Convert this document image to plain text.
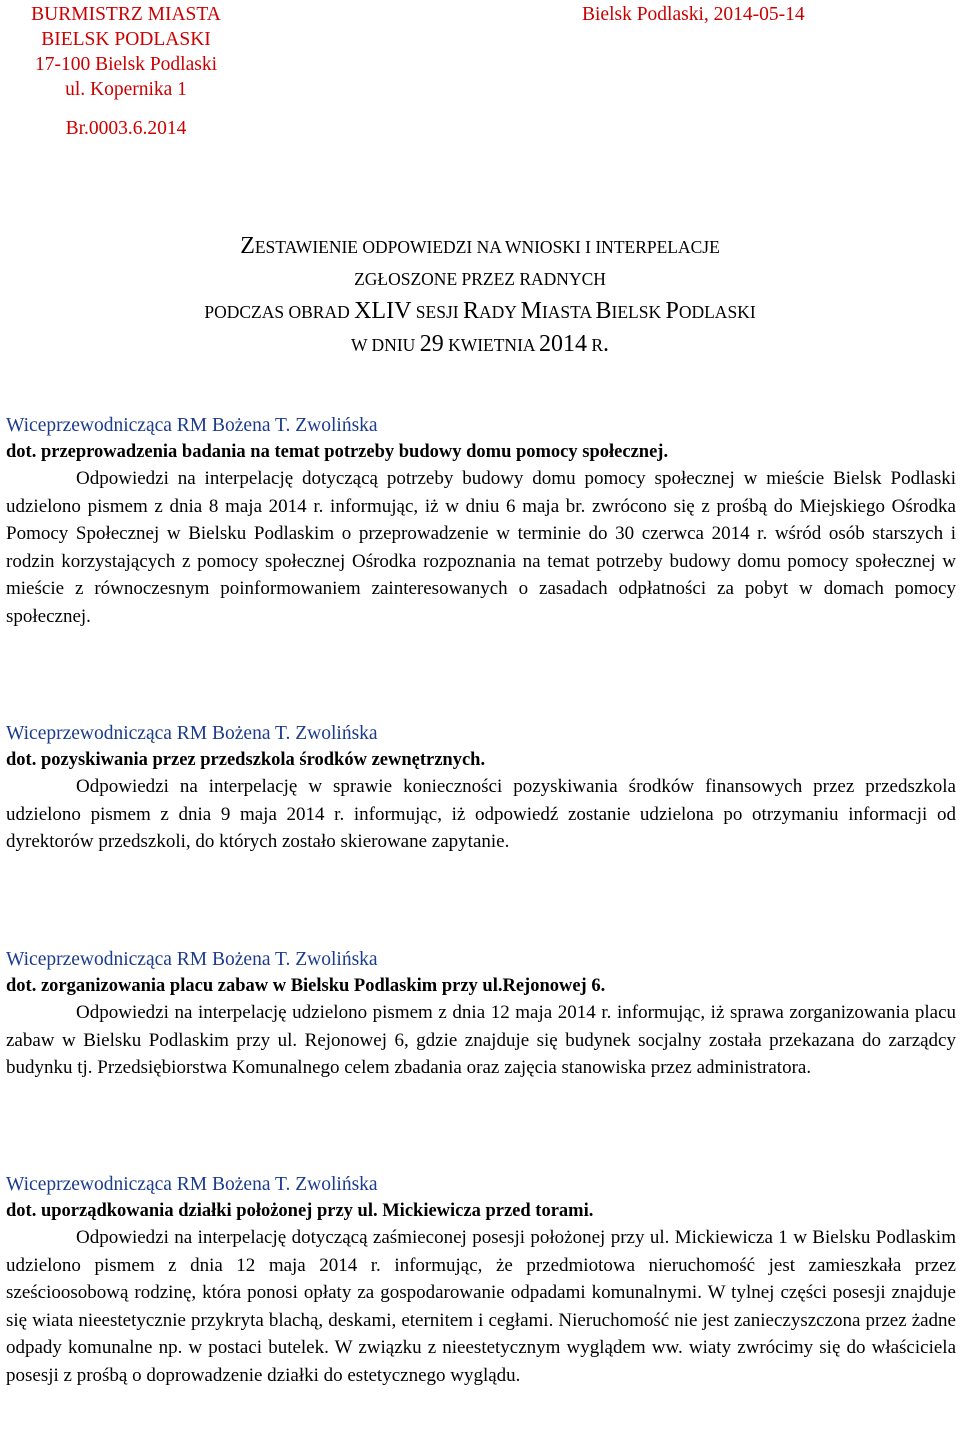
BURMISTRZ MIASTA
BIELSK PODLASKI
17-100 Bielsk Podlaski
ul. Kopernika 1
Br.0003.6.2014
Bielsk Podlaski, 2014-05-14
ZESTAWIENIE ODPOWIEDZI NA WNIOSKI I INTERPELACJE
ZGŁOSZONE PRZEZ RADNYCH
PODCZAS OBRAD XLIV SESJI RADY MIASTA BIELSK PODLASKI
W DNIU 29 KWIETNIA 2014 R.
Wiceprzewodnicząca RM Bożena T. Zwolińska
dot. przeprowadzenia badania na temat potrzeby budowy domu pomocy społecznej.

Odpowiedzi na interpelację dotyczącą potrzeby budowy domu pomocy społecznej w mieście Bielsk Podlaski udzielono pismem z dnia 8 maja 2014 r. informując, iż w dniu 6 maja br. zwrócono się z prośbą do Miejskiego Ośrodka Pomocy Społecznej w Bielsku Podlaskim o przeprowadzenie w terminie do 30 czerwca 2014 r. wśród osób starszych i rodzin korzystających z pomocy społecznej Ośrodka rozpoznania na temat potrzeby budowy domu pomocy społecznej w mieście z równoczesnym poinformowaniem zainteresowanych o zasadach odpłatności za pobyt w domach pomocy społecznej.

Wiceprzewodnicząca RM Bożena T. Zwolińska
dot. pozyskiwania przez przedszkola środków zewnętrznych.

Odpowiedzi na interpelację w sprawie konieczności pozyskiwania środków finansowych przez przedszkola udzielono pismem z dnia 9 maja 2014 r. informując, iż odpowiedź zostanie udzielona po otrzymaniu informacji od dyrektorów przedszkoli, do których zostało skierowane zapytanie.

Wiceprzewodnicząca RM Bożena T. Zwolińska
dot. zorganizowania placu zabaw w Bielsku Podlaskim przy ul.Rejonowej 6.

Odpowiedzi na interpelację udzielono pismem z dnia 12 maja 2014 r. informując, iż sprawa zorganizowania placu zabaw w Bielsku Podlaskim przy ul. Rejonowej 6, gdzie znajduje się budynek socjalny została przekazana do zarządcy budynku tj. Przedsiębiorstwa Komunalnego celem zbadania oraz zajęcia stanowiska przez administratora.

Wiceprzewodnicząca RM Bożena T. Zwolińska
dot. uporządkowania działki położonej przy ul. Mickiewicza przed torami.

Odpowiedzi na interpelację dotyczącą zaśmieconej posesji położonej przy ul. Mickiewicza 1 w Bielsku Podlaskim udzielono pismem z dnia 12 maja 2014 r. informując, że przedmiotowa nieruchomość jest zamieszkała przez sześcioosobową rodzinę, która ponosi opłaty za gospodarowanie odpadami komunalnymi. W tylnej części posesji znajduje się wiata nieestetycznie przykryta blachą, deskami, eternitem i cegłami. Nieruchomość nie jest zanieczyszczona przez żadne odpady komunalne np. w postaci butelek. W związku z nieestetycznym wyglądem ww. wiaty zwrócimy się do właściciela posesji z prośbą o doprowadzenie działki do estetycznego wyglądu.
